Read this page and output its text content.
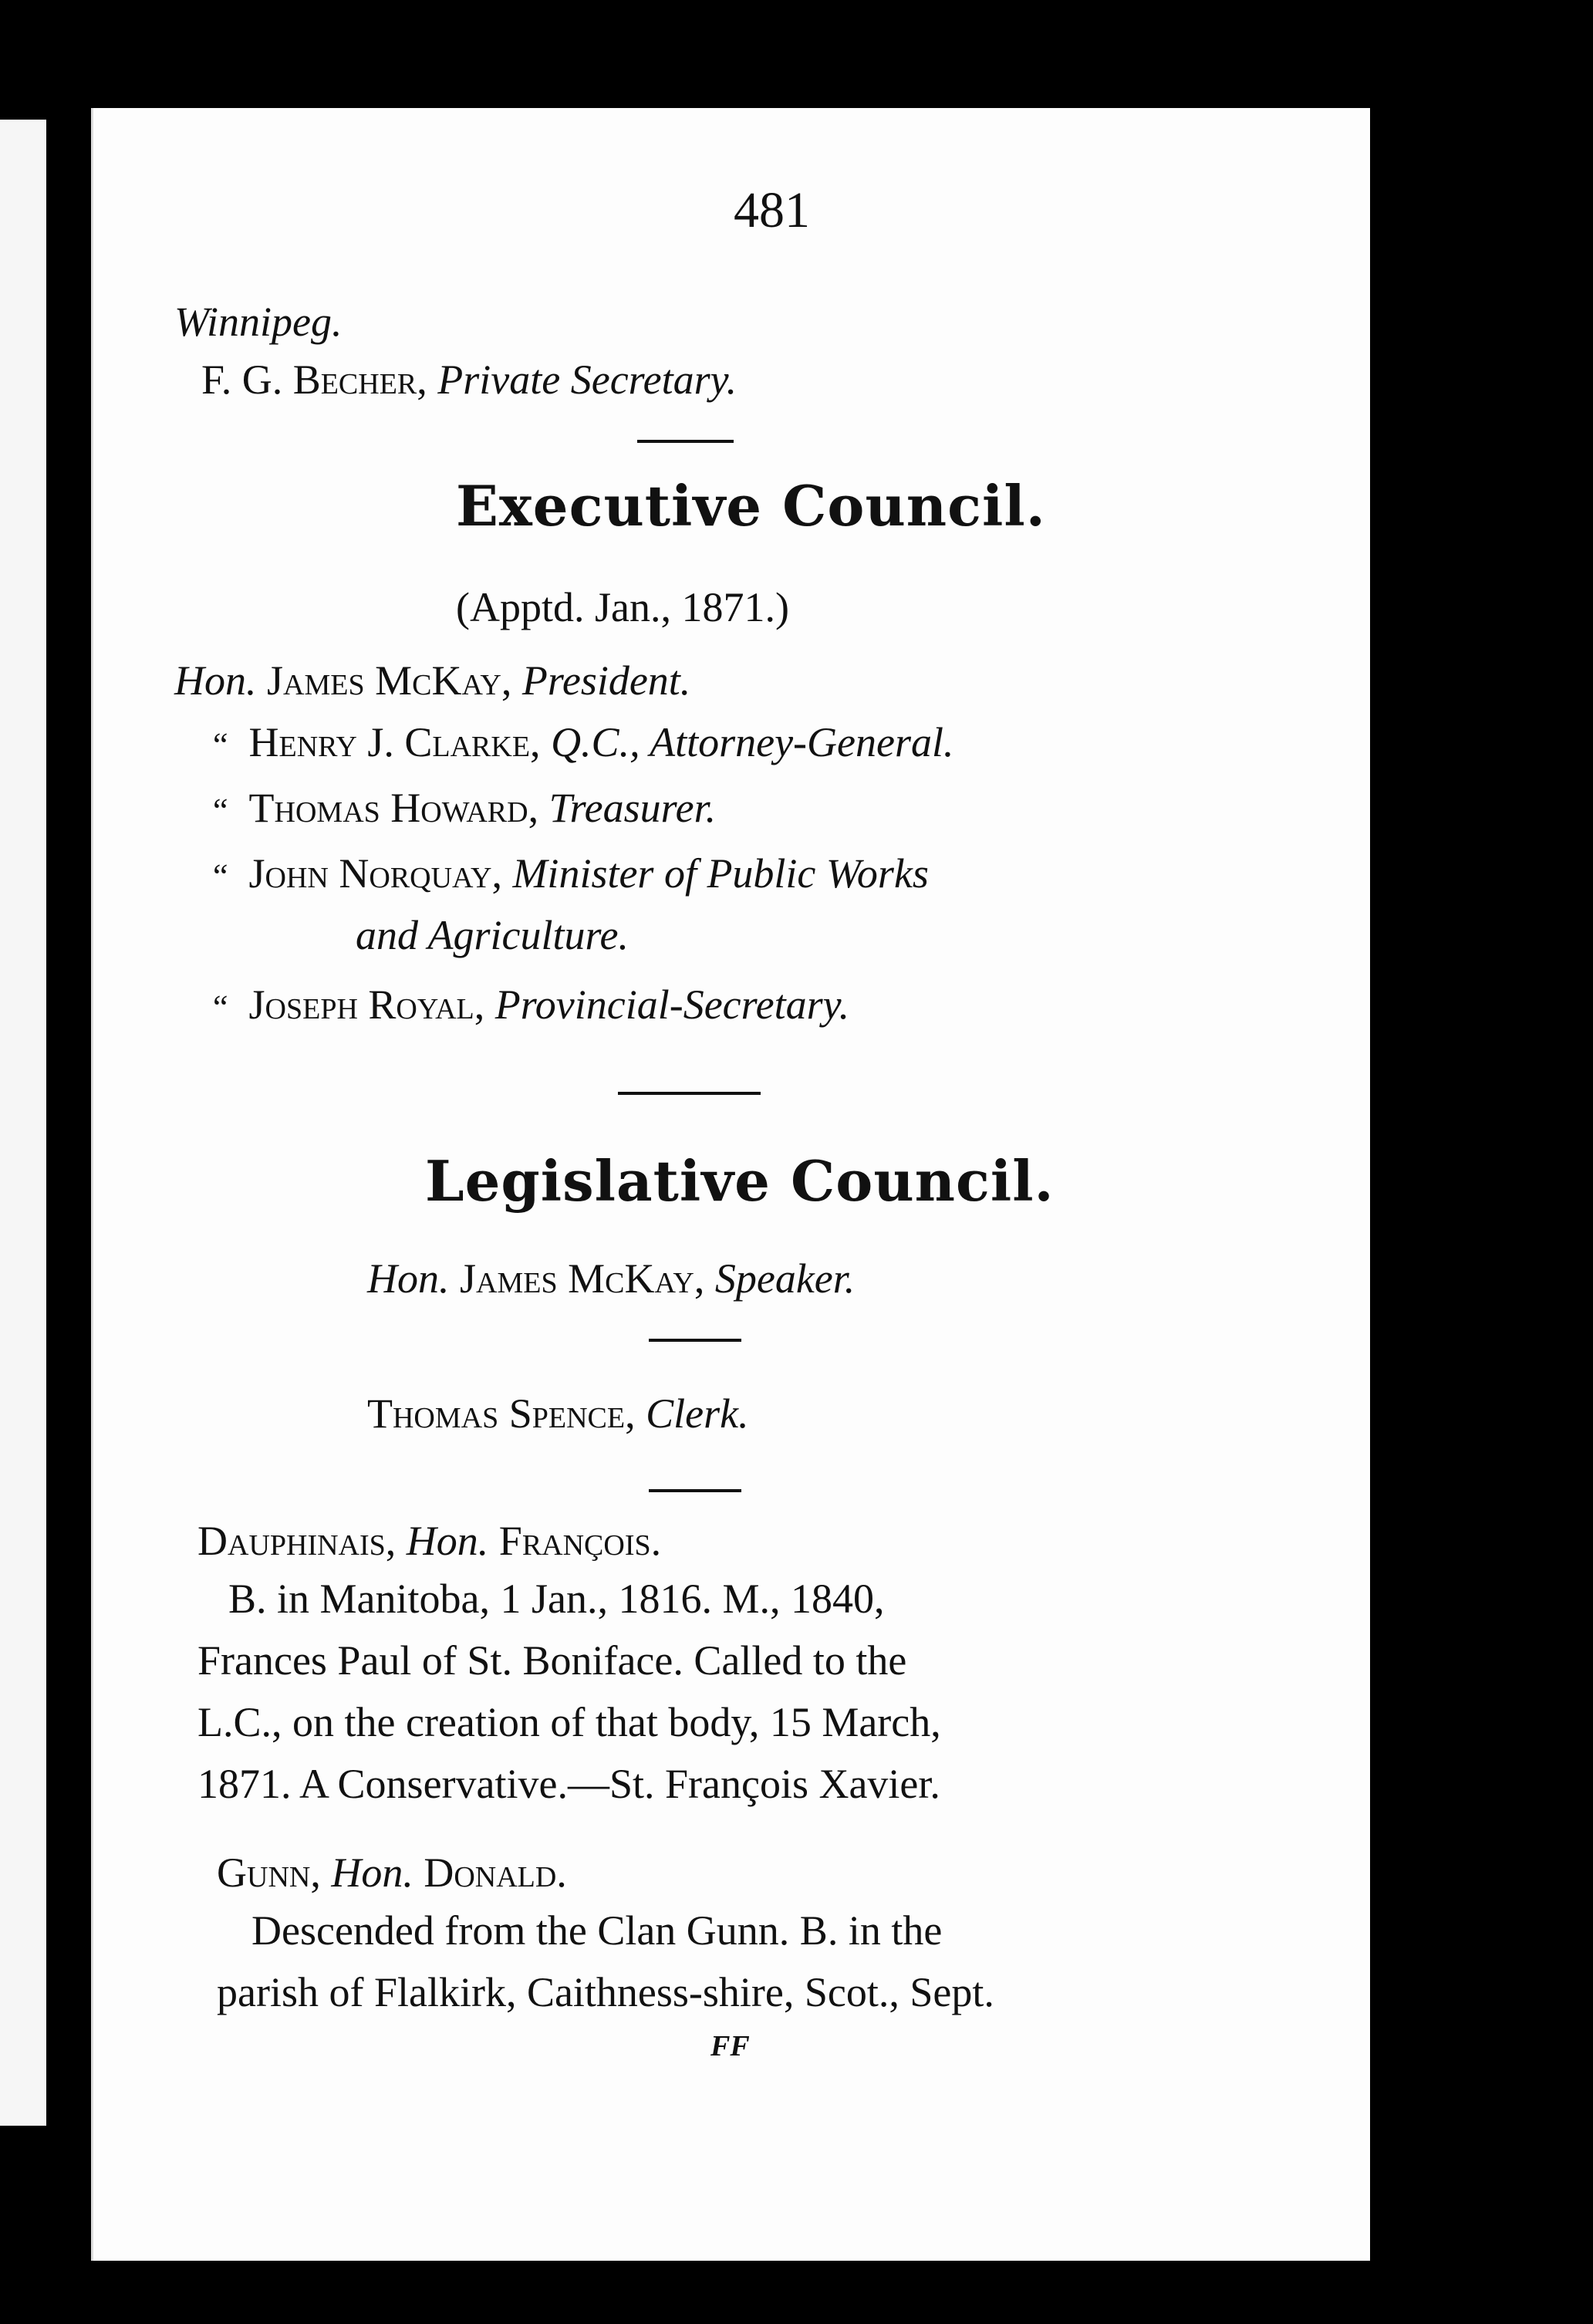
481
Winnipeg.
F. G. Becher, Private Secretary.
Executive Council.
(Apptd. Jan., 1871.)
Hon. James McKay, President.
“ Henry J. Clarke, Q.C., Attorney-General.
“ Thomas Howard, Treasurer.
“ John Norquay, Minister of Public Works
and Agriculture.
“ Joseph Royal, Provincial-Secretary.
Legislative Council.
Hon. James McKay, Speaker.
Thomas Spence, Clerk.
Dauphinais, Hon. François.
B. in Manitoba, 1 Jan., 1816. M., 1840,
Frances Paul of St. Boniface. Called to the
L.C., on the creation of that body, 15 March,
1871. A Conservative.—St. François Xavier.
Gunn, Hon. Donald.
Descended from the Clan Gunn. B. in the
parish of Flalkirk, Caithness-shire, Scot., Sept.
FF
